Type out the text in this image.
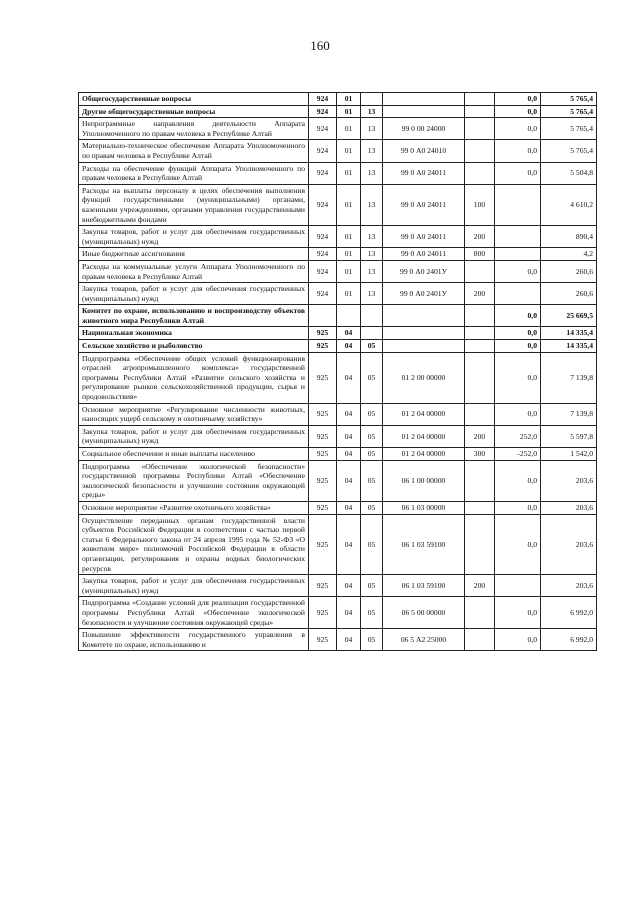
160
Общегосударственные вопросы	924	01				0,0	5 765,4
Другие общегосударственные вопросы	924	01	13			0,0	5 765,4
Непрограммные направления деятельности Аппарата Уполномоченного по правам человека в Республике Алтай	924	01	13	99 0 00 24000		0,0	5 765,4
Материально-техническое обеспечение Аппарата Уполномоченного по правам человека в Республике Алтай	924	01	13	99 0 А0 24010		0,0	5 765,4
Расходы на обеспечение функций Аппарата Уполномоченного по правам человека в Республике Алтай	924	01	13	99 0 А0 24011		0,0	5 504,8
Расходы на выплаты персоналу в целях обеспечения выполнения функций государственными (муниципальными) органами, казенными учреждениями, органами управления государственными внебюджетными фондами	924	01	13	99 0 А0 24011	100		4 610,2
Закупка товаров, работ и услуг для обеспечения государственных (муниципальных) нужд	924	01	13	99 0 А0 24011	200		890,4
Иные бюджетные ассигнования	924	01	13	99 0 А0 24011	800		4,2
Расходы на коммунальные услуги Аппарата Уполномоченного по правам человека в Республике Алтай	924	01	13	99 0 А0 2401У		0,0	260,6
Закупка товаров, работ и услуг для обеспечения государственных (муниципальных) нужд	924	01	13	99 0 А0 2401У	200		260,6
Комитет по охране, использованию и воспроизводству объектов животного мира Республики Алтай						0,0	25 669,5
Национальная экономика	925	04				0,0	14 335,4
Сельское хозяйство и рыболовство	925	04	05			0,0	14 335,4
Подпрограмма «Обеспечение общих условий функционирования отраслей агропромышленного комплекса» государственной программы Республики Алтай «Развитие сельского хозяйства и регулирование рынков сельскохозяйственной продукции, сырья и продовольствия»	925	04	05	01 2 00 00000		0,0	7 139,8
Основное мероприятие «Регулирование численности животных, наносящих ущерб сельскому и охотничьему хозяйству»	925	04	05	01 2 04 00000		0,0	7 139,8
Закупка товаров, работ и услуг для обеспечения государственных (муниципальных) нужд	925	04	05	01 2 04 00000	200	252,0	5 597,8
Социальное обеспечение и иные выплаты населению	925	04	05	01 2 04 00000	300	-252,0	1 542,0
Подпрограмма «Обеспечение экологической безопасности» государственной программы Республики Алтай «Обеспечение экологической безопасности и улучшение состояния окружающей среды»	925	04	05	06 1 00 00000		0,0	203,6
Основное мероприятие «Развитие охотничьего хозяйства»	925	04	05	06 1 03 00000		0,0	203,6
Осуществление переданных органам государственной власти субъектов Российской Федерации в соответствии с частью первой статьи 6 Федерального закона от 24 апреля 1995 года № 52-ФЗ «О животном мире» полномочий Российской Федерации в области организации, регулирования и охраны водных биологических ресурсов	925	04	05	06 1 03 59100		0,0	203,6
Закупка товаров, работ и услуг для обеспечения государственных (муниципальных) нужд	925	04	05	06 1 03 59100	200		203,6
Подпрограмма «Создание условий для реализации государственной программы Республики Алтай «Обеспечение экологической безопасности и улучшение состояния окружающей среды»	925	04	05	06 5 00 00000		0,0	6 992,0
Повышение эффективности государственного управления в Комитете по охране, использованию и	925	04	05	06 5 А2 25000		0,0	6 992,0
